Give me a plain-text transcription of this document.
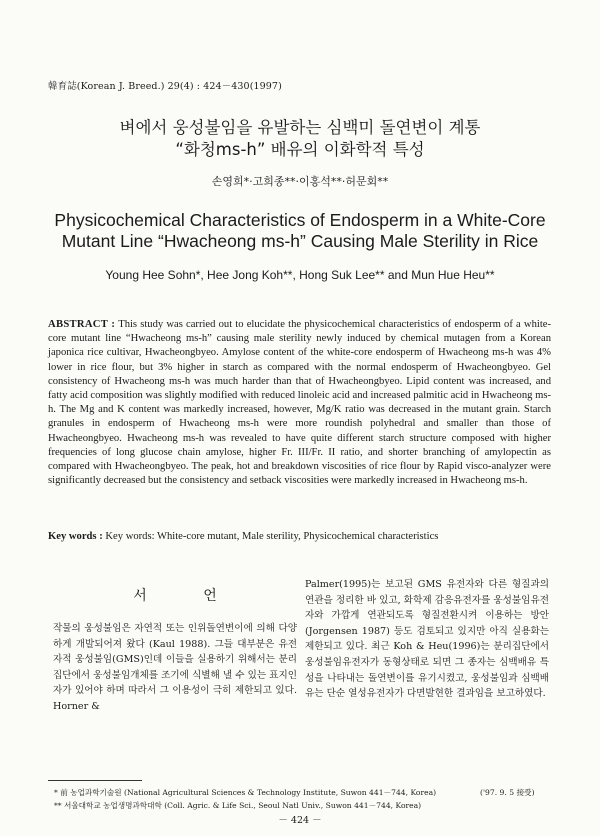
韓育誌(Korean J. Breed.) 29(4) : 424－430(1997)
벼에서 웅성불임을 유발하는 심백미 돌연변이 계통
“화청ms-h” 배유의 이화학적 특성
손영희*·고희종**·이홍석**·허문회**
Physicochemical Characteristics of Endosperm in a White-Core
Mutant Line “Hwacheong ms-h” Causing Male Sterility in Rice
Young Hee Sohn*, Hee Jong Koh**, Hong Suk Lee** and Mun Hue Heu**
ABSTRACT : This study was carried out to elucidate the physicochemical characteristics of endosperm of a white-core mutant line “Hwacheong ms-h” causing male sterility newly induced by chemical mutagen from a Korean japonica rice cultivar, Hwacheongbyeo. Amylose content of the white-core endosperm of Hwacheong ms-h was 4% lower in rice flour, but 3% higher in starch as compared with the normal endosperm of Hwacheongbyeo. Gel consistency of Hwacheong ms-h was much harder than that of Hwacheongbyeo. Lipid content was increased, and fatty acid composition was slightly modified with reduced linoleic acid and increased palmitic acid in Hwacheong ms-h. The Mg and K content was markedly increased, however, Mg/K ratio was decreased in the mutant grain. Starch granules in endosperm of Hwacheong ms-h were more roundish polyhedral and smaller than those of Hwacheongbyeo. Hwacheong ms-h was revealed to have quite different starch structure composed with higher frequencies of long glucose chain amylose, higher Fr. III/Fr. II ratio, and shorter branching of amylopectin as compared with Hwacheongbyeo. The peak, hot and breakdown viscosities of rice flour by Rapid visco-analyzer were significantly decreased but the consistency and setback viscosities were markedly increased in Hwacheong ms-h.
Key words : Key words: White-core mutant, Male sterility, Physicochemical characteristics
서 언
작물의 웅성불임은 자연적 또는 인위돌연변이에 의해 다양하게 개발되어져 왔다 (Kaul 1988). 그들 대부분은 유전자적 웅성불임(GMS)인데 이들을 실용하기 위해서는 분리집단에서 웅성불임개체를 조기에 식별해 낼 수 있는 표지인자가 있어야 하며 따라서 그 이용성이 극히 제한되고 있다. Horner &
Palmer(1995)는 보고된 GMS 유전자와 다른 형질과의 연관을 정리한 바 있고, 화학제 감응유전자를 웅성불임유전자와 가깝게 연관되도록 형질전환시켜 이용하는 방안 (Jorgensen 1987) 등도 검토되고 있지만 아직 실용화는 제한되고 있다. 최근 Koh & Heu(1996)는 분리집단에서 웅성불임유전자가 동형상태로 되면 그 종자는 심백배유 특성을 나타내는 돌연변이를 유기시켰고, 웅성불임과 심백배유는 단순 열성유전자가 다면발현한 결과임을 보고하였다.
* 前 농업과학기술원 (National Agricultural Sciences & Technology Institute, Suwon 441－744, Korea)
** 서울대학교 농업생명과학대학 (Coll. Agric. & Life Sci., Seoul Natl Univ., Suwon 441－744, Korea)
('97. 9. 5 接受)
－ 424 －
